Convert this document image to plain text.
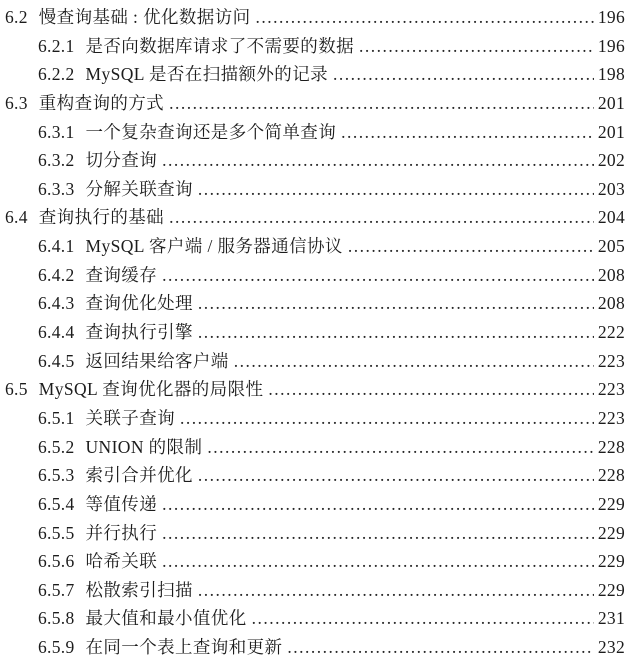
6.2 慢查询基础 : 优化数据访问 .....	196
6.2.1 是否向数据库请求了不需要的数据 .....	196
6.2.2 MySQL 是否在扫描额外的记录 .....	198
6.3 重构查询的方式 .....	201
6.3.1 一个复杂查询还是多个简单查询 .....	201
6.3.2 切分查询 .....	202
6.3.3 分解关联查询 .....	203
6.4 查询执行的基础 .....	204
6.4.1 MySQL 客户端 / 服务器通信协议 .....	205
6.4.2 查询缓存 .....	208
6.4.3 查询优化处理 .....	208
6.4.4 查询执行引擎 .....	222
6.4.5 返回结果给客户端 .....	223
6.5 MySQL 查询优化器的局限性 .....	223
6.5.1 关联子查询 .....	223
6.5.2 UNION 的限制 .....	228
6.5.3 索引合并优化 .....	228
6.5.4 等值传递 .....	229
6.5.5 并行执行 .....	229
6.5.6 哈希关联 .....	229
6.5.7 松散索引扫描 .....	229
6.5.8 最大值和最小值优化 .....	231
6.5.9 在同一个表上查询和更新 .....	232
